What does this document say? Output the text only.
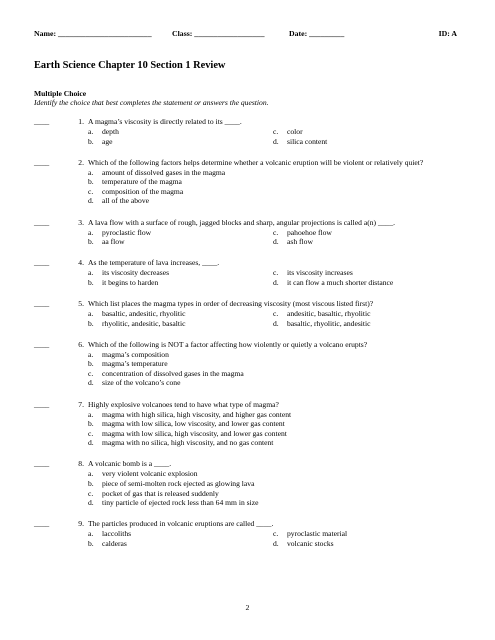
Name: ________________________	Class: __________________	Date: _________	ID: A
Earth Science Chapter 10 Section 1 Review
Multiple Choice
Identify the choice that best completes the statement or answers the question.
____	1. A magma’s viscosity is directly related to its ____.
a. depth	c. color
b. age	d. silica content
____	2. Which of the following factors helps determine whether a volcanic eruption will be violent or relatively quiet?
a. amount of dissolved gases in the magma
b. temperature of the magma
c. composition of the magma
d. all of the above
____	3. A lava flow with a surface of rough, jagged blocks and sharp, angular projections is called a(n) ____.
a. pyroclastic flow	c. pahoehoe flow
b. aa flow	d. ash flow
____	4. As the temperature of lava increases, ____.
a. its viscosity decreases	c. its viscosity increases
b. it begins to harden	d. it can flow a much shorter distance
____	5. Which list places the magma types in order of decreasing viscosity (most viscous listed first)?
a. basaltic, andesitic, rhyolitic	c. andesitic, basaltic, rhyolitic
b. rhyolitic, andesitic, basaltic	d. basaltic, rhyolitic, andesitic
____	6. Which of the following is NOT a factor affecting how violently or quietly a volcano erupts?
a. magma’s composition
b. magma’s temperature
c. concentration of dissolved gases in the magma
d. size of the volcano’s cone
____	7. Highly explosive volcanoes tend to have what type of magma?
a. magma with high silica, high viscosity, and higher gas content
b. magma with low silica, low viscosity, and lower gas content
c. magma with low silica, high viscosity, and lower gas content
d. magma with no silica, high viscosity, and no gas content
____	8. A volcanic bomb is a ____.
a. very violent volcanic explosion
b. piece of semi-molten rock ejected as glowing lava
c. pocket of gas that is released suddenly
d. tiny particle of ejected rock less than 64 mm in size
____	9. The particles produced in volcanic eruptions are called ____.
a. laccoliths	c. pyroclastic material
b. calderas	d. volcanic stocks
2
